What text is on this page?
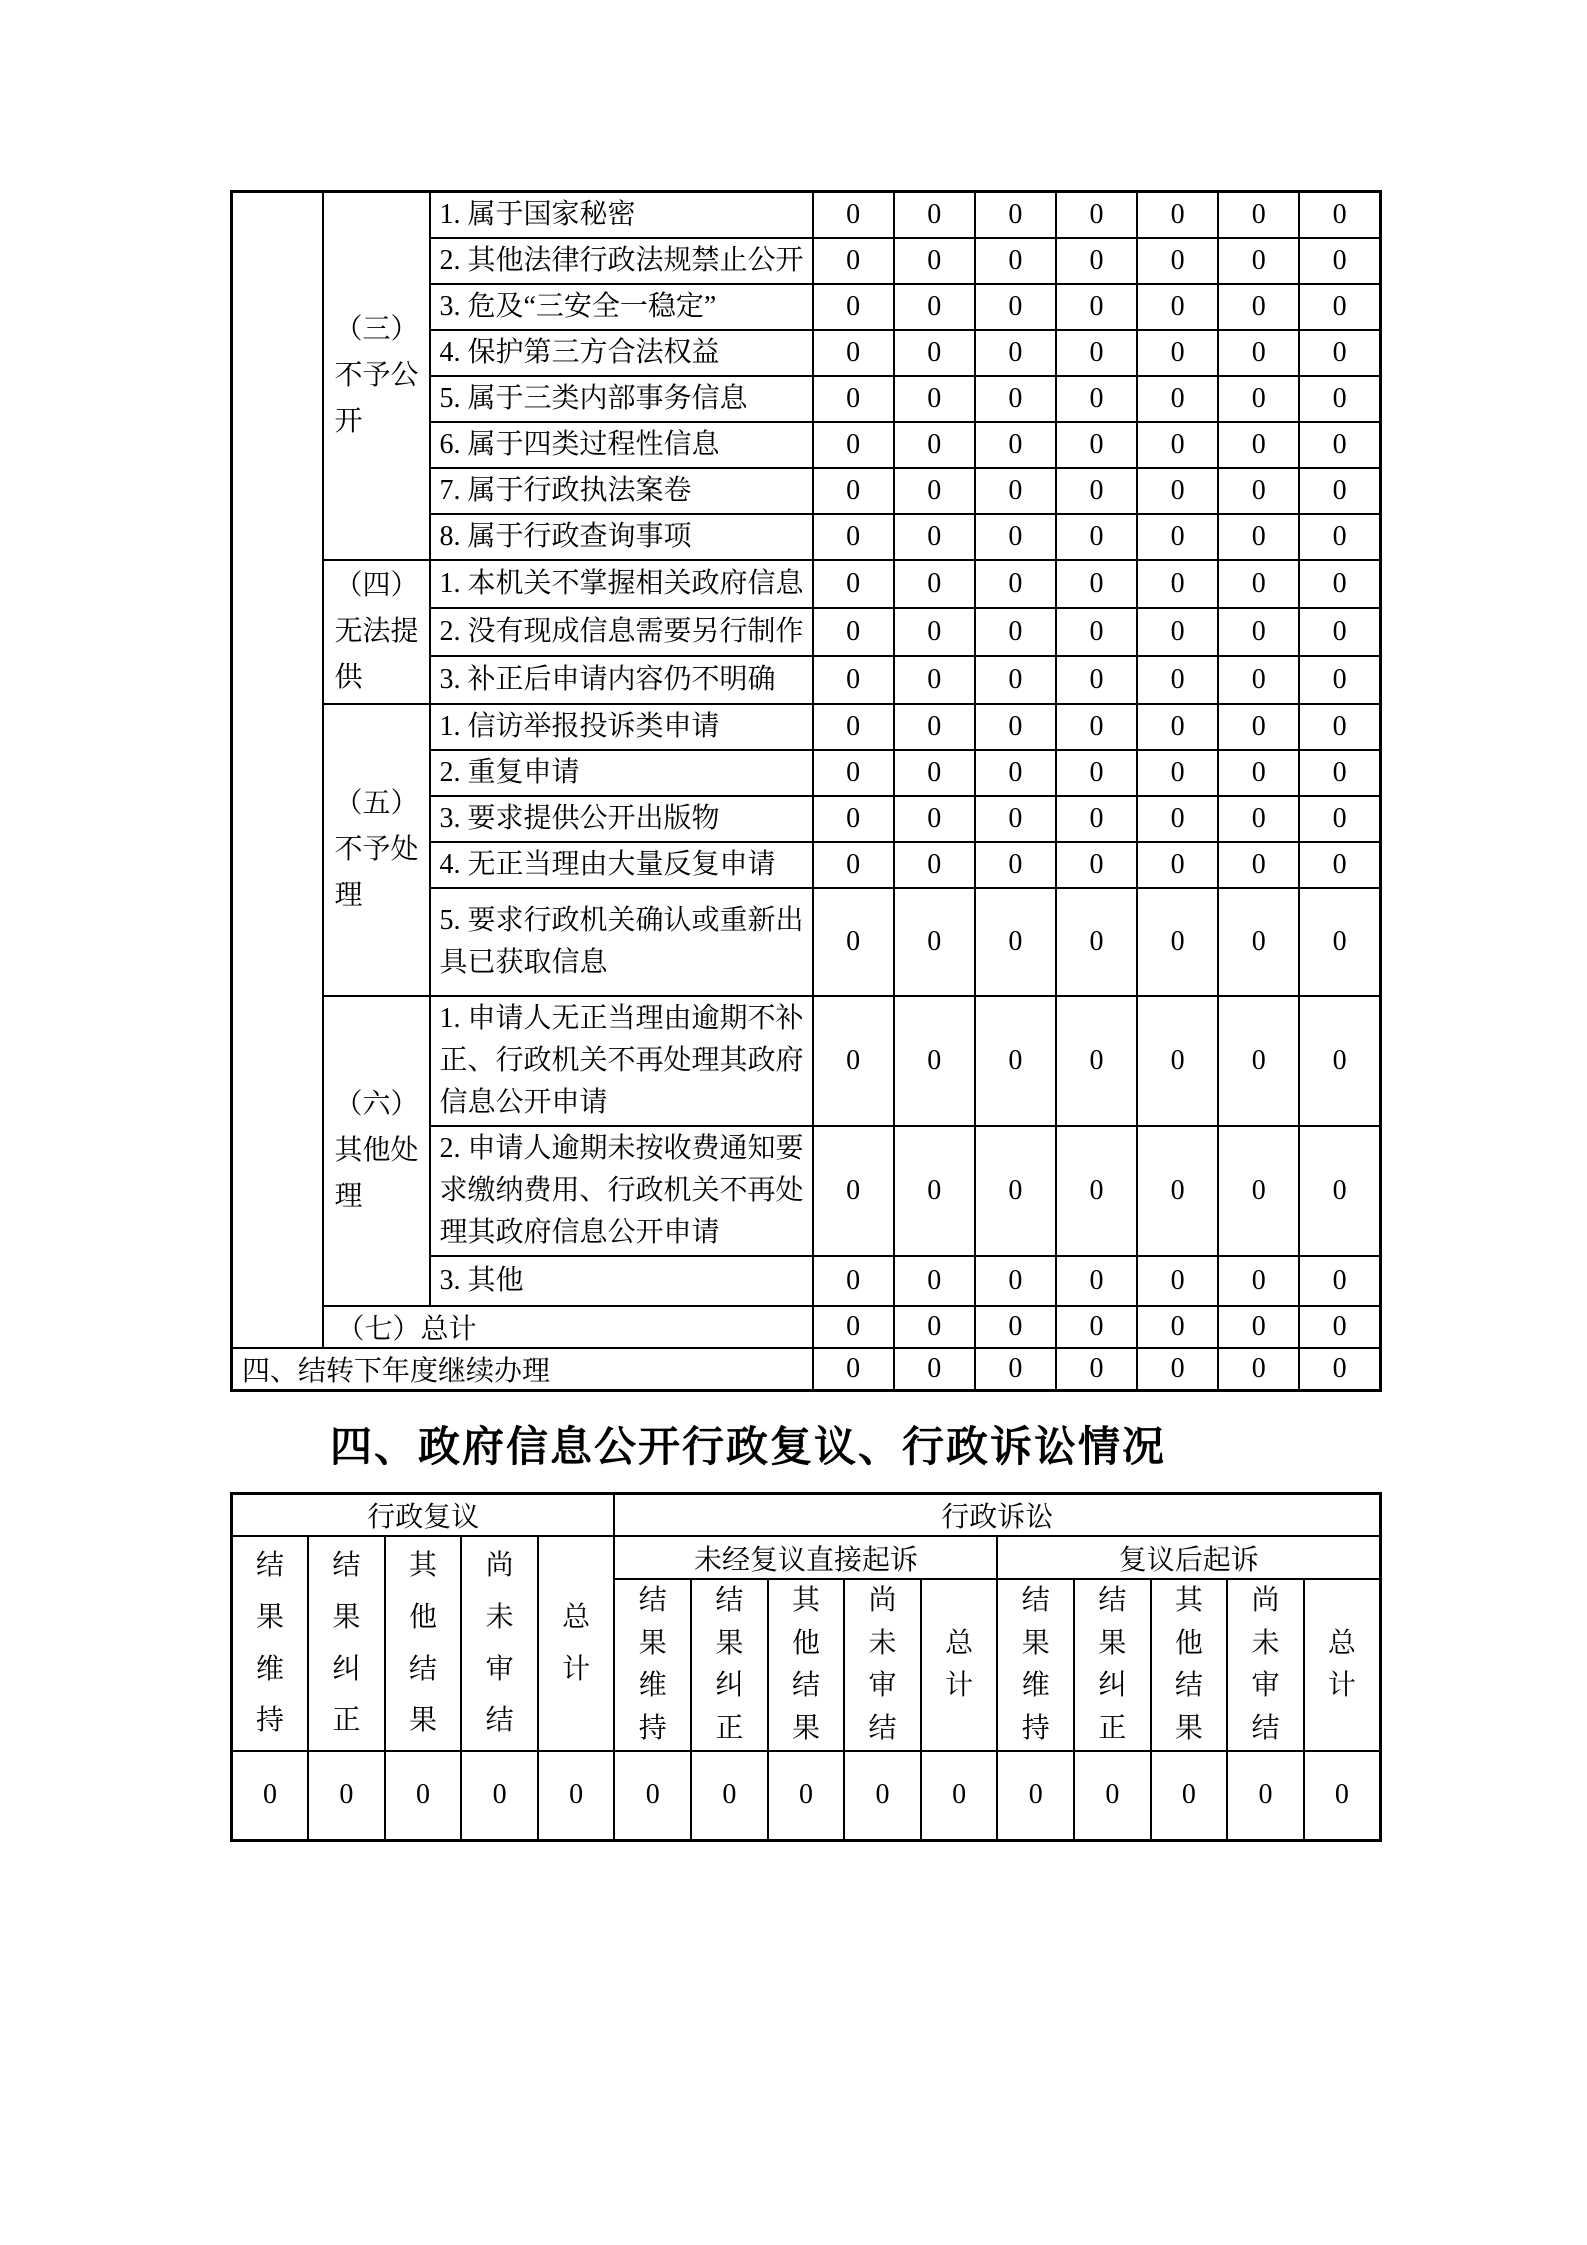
	（三）不予公开	1. 属于国家秘密	0	0	0	0	0	0	0
		2. 其他法律行政法规禁止公开	0	0	0	0	0	0	0
		3. 危及“三安全一稳定”	0	0	0	0	0	0	0
		4. 保护第三方合法权益	0	0	0	0	0	0	0
		5. 属于三类内部事务信息	0	0	0	0	0	0	0
		6. 属于四类过程性信息	0	0	0	0	0	0	0
		7. 属于行政执法案卷	0	0	0	0	0	0	0
		8. 属于行政查询事项	0	0	0	0	0	0	0
	（四）无法提供	1. 本机关不掌握相关政府信息	0	0	0	0	0	0	0
		2. 没有现成信息需要另行制作	0	0	0	0	0	0	0
		3. 补正后申请内容仍不明确	0	0	0	0	0	0	0
	（五）不予处理	1. 信访举报投诉类申请	0	0	0	0	0	0	0
		2. 重复申请	0	0	0	0	0	0	0
		3. 要求提供公开出版物	0	0	0	0	0	0	0
		4. 无正当理由大量反复申请	0	0	0	0	0	0	0
		5. 要求行政机关确认或重新出具已获取信息	0	0	0	0	0	0	0
	（六）其他处理	1. 申请人无正当理由逾期不补正、行政机关不再处理其政府信息公开申请	0	0	0	0	0	0	0
		2. 申请人逾期未按收费通知要求缴纳费用、行政机关不再处理其政府信息公开申请	0	0	0	0	0	0	0
		3. 其他	0	0	0	0	0	0	0
	（七）总计		0	0	0	0	0	0	0
四、结转下年度继续办理			0	0	0	0	0	0	0
四、政府信息公开行政复议、行政诉讼情况
行政复议					行政诉讼									
结果维持	结果纠正	其他结果	尚未审结	总计	未经复议直接起诉					复议后起诉				
					结果维持	结果纠正	其他结果	尚未审结	总计	结果维持	结果纠正	其他结果	尚未审结	总计
0	0	0	0	0	0	0	0	0	0	0	0	0	0	0
